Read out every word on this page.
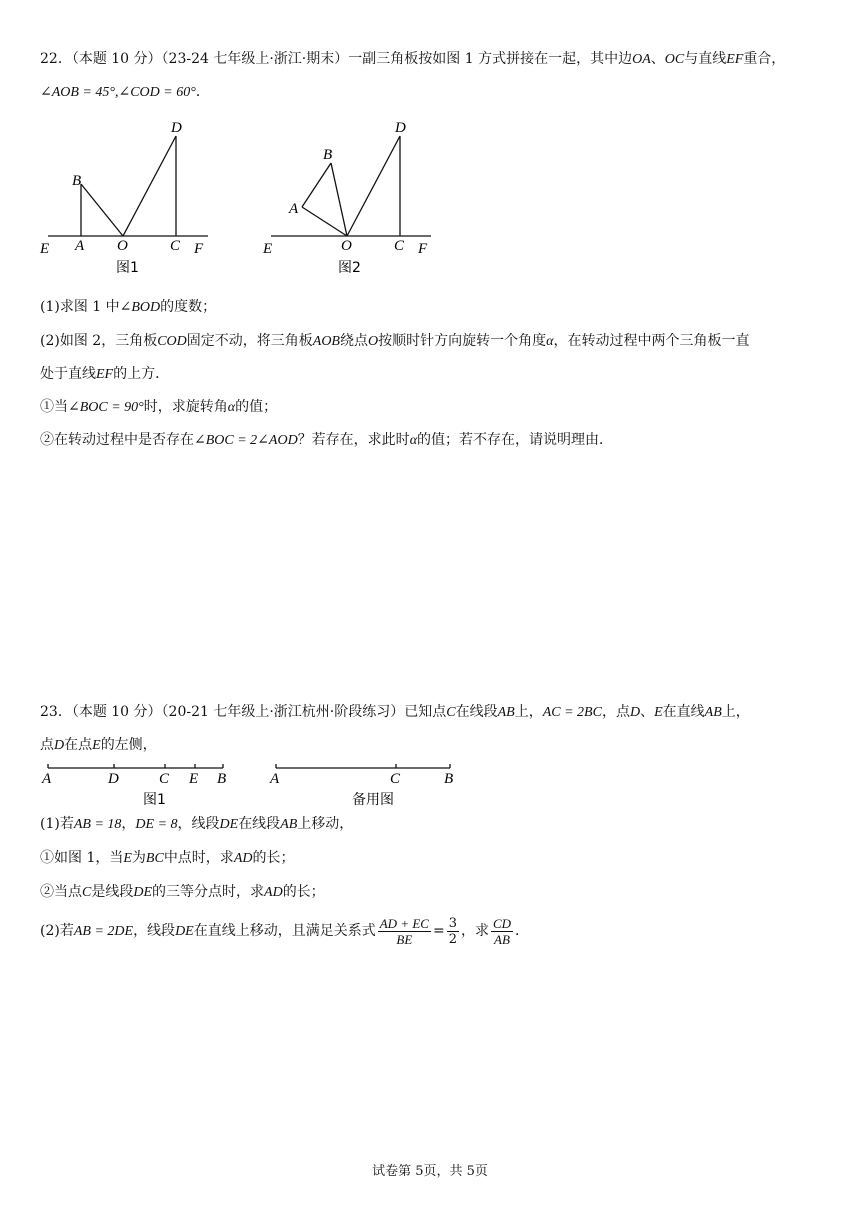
22．（本题 10 分）（23-24 七年级上·浙江·期末）一副三角板按如图 1 方式拼接在一起，其中边OA、OC与直线EF重合，
∠AOB = 45°,∠COD = 60°．
E A O	C F
B
D
图1
E	O	C F
A
B
D
图2
(1)求图 1 中∠BOD的度数；
(2)如图 2，三角板COD固定不动，将三角板AOB绕点O按顺时针方向旋转一个角度α，在转动过程中两个三角板一直
处于直线EF的上方．
①当∠BOC = 90°时，求旋转角α的值；
②在转动过程中是否存在∠BOC = 2∠AOD？若存在，求此时α的值；若不存在，请说明理由．
23．（本题 10 分）（20-21 七年级上·浙江杭州·阶段练习）已知点C在线段AB上，AC = 2BC，点D、E在直线AB上，
点D在点E的左侧，
A	D	C E B
图1
A	C	B
备用图
(1)若AB = 18，DE = 8，线段DE在线段AB上移动，
①如图 1，当E为BC中点时，求AD的长；
②当点C是线段DE的三等分点时，求AD的长；
(2)若AB = 2DE，线段DE在直线上移动，且满足关系式 $\frac{AD + EC}{BE} = \frac{3}{2}$ ，求 $\frac{CD}{AB}$ ．
试卷第 5页，共 5页
